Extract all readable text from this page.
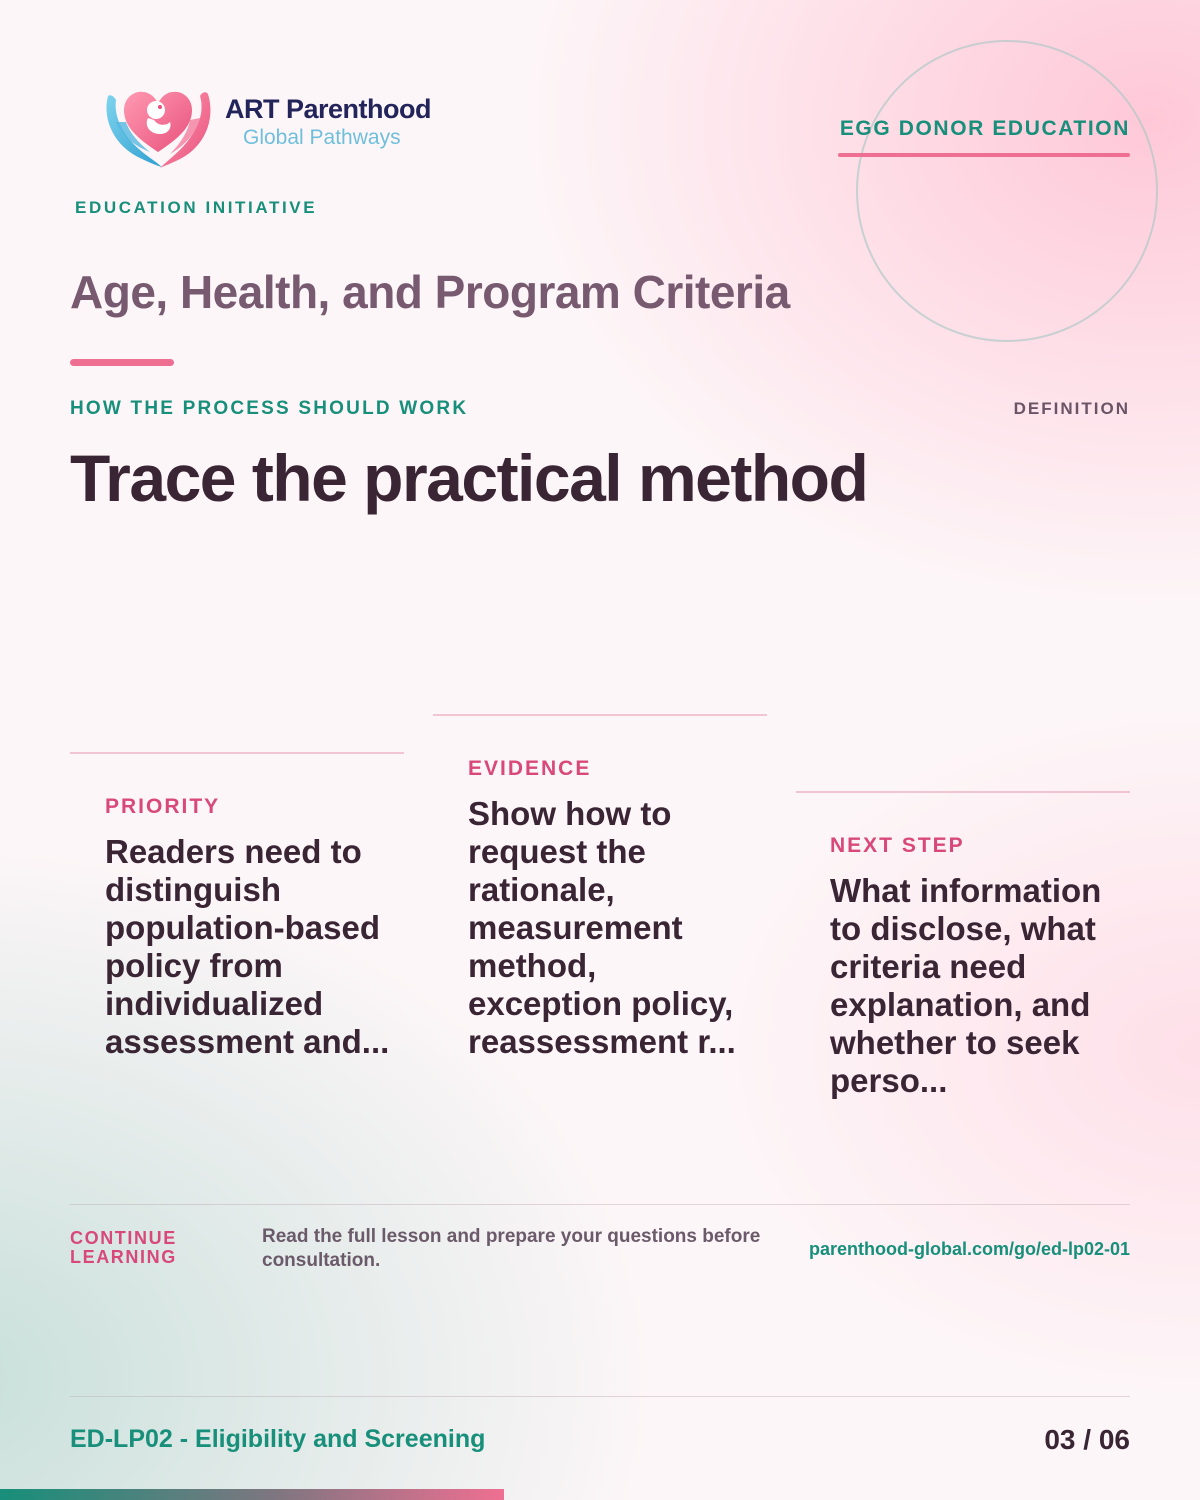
ART Parenthood
Global Pathways
EDUCATION INITIATIVE
EGG DONOR EDUCATION
Age, Health, and Program Criteria
HOW THE PROCESS SHOULD WORK	DEFINITION
Trace the practical method
PRIORITY
Readers need to distinguish population-based policy from individualized assessment and...
EVIDENCE
Show how to request the rationale, measurement method, exception policy, reassessment r...
NEXT STEP
What information to disclose, what criteria need explanation, and whether to seek perso...
CONTINUE LEARNING
Read the full lesson and prepare your questions before consultation.
parenthood-global.com/go/ed-lp02-01
ED-LP02 - Eligibility and Screening	03 / 06
